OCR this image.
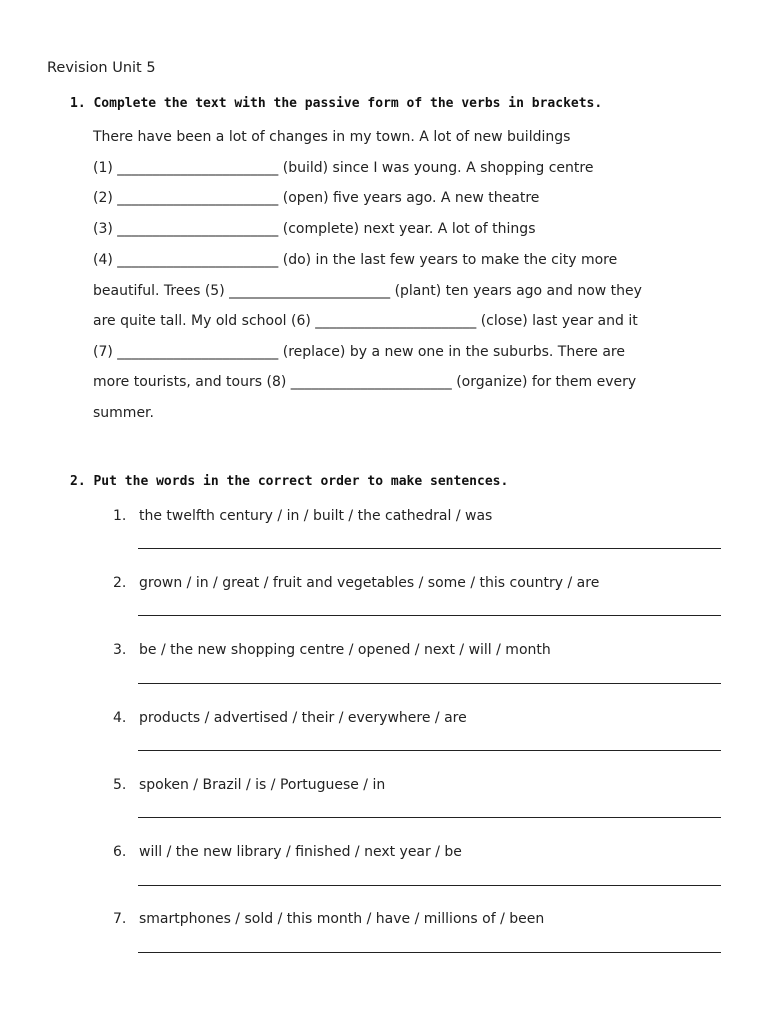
Revision Unit 5
1. Complete the text with the passive form of the verbs in brackets.
There have been a lot of changes in my town. A lot of new buildings
(1) _______________________ (build) since I was young. A shopping centre
(2) _______________________ (open) five years ago. A new theatre
(3) _______________________ (complete) next year. A lot of things
(4) _______________________ (do) in the last few years to make the city more
beautiful. Trees (5) _______________________ (plant) ten years ago and now they
are quite tall. My old school (6) _______________________ (close) last year and it
(7) _______________________ (replace) by a new one in the suburbs. There are
more tourists, and tours (8) _______________________ (organize) for them every
summer.
2. Put the words in the correct order to make sentences.
1. the twelfth century / in / built / the cathedral / was
2. grown / in / great / fruit and vegetables / some / this country / are
3. be / the new shopping centre / opened / next / will / month
4. products / advertised / their / everywhere / are
5. spoken / Brazil / is / Portuguese / in
6. will / the new library / finished / next year / be
7. smartphones / sold / this month / have / millions of / been
